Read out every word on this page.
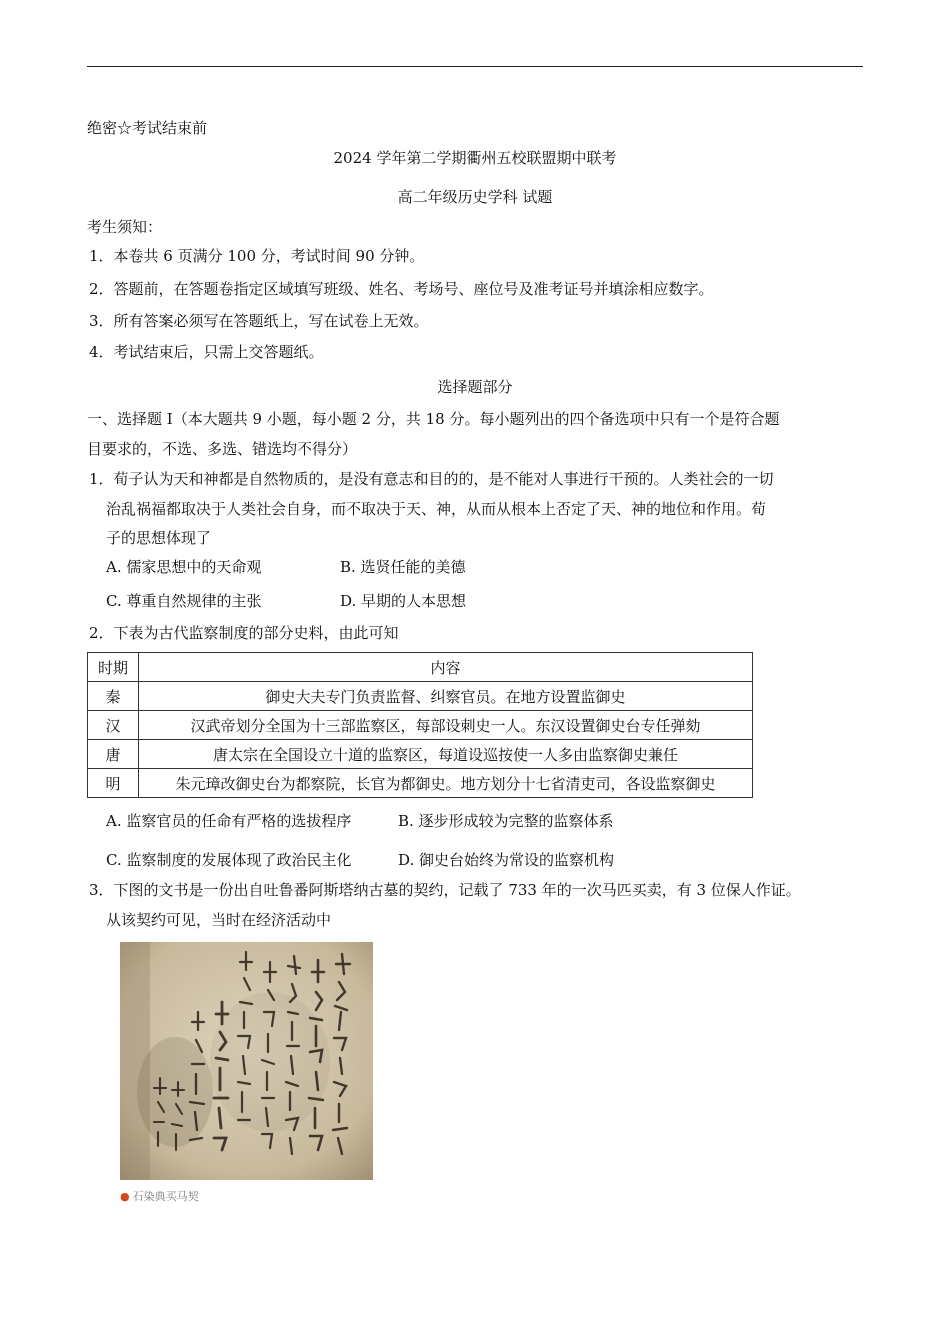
绝密☆考试结束前
2024 学年第二学期衢州五校联盟期中联考
高二年级历史学科 试题
考生须知：
1．本卷共 6 页满分 100 分，考试时间 90 分钟。
2．答题前，在答题卷指定区域填写班级、姓名、考场号、座位号及准考证号并填涂相应数字。
3．所有答案必须写在答题纸上，写在试卷上无效。
4．考试结束后，只需上交答题纸。
选择题部分
一、选择题 I（本大题共 9 小题，每小题 2 分，共 18 分。每小题列出的四个备选项中只有一个是符合题
目要求的，不选、多选、错选均不得分）
1．荀子认为天和神都是自然物质的，是没有意志和目的的，是不能对人事进行干预的。人类社会的一切
治乱祸福都取决于人类社会自身，而不取决于天、神，从而从根本上否定了天、神的地位和作用。荀
子的思想体现了
A. 儒家思想中的天命观	B. 选贤任能的美德
C. 尊重自然规律的主张	D. 早期的人本思想
2．下表为古代监察制度的部分史料，由此可知
时期	内容
秦	御史大夫专门负责监督、纠察官员。在地方设置监御史
汉	汉武帝划分全国为十三部监察区，每部设刺史一人。东汉设置御史台专任弹劾
唐	唐太宗在全国设立十道的监察区，每道设巡按使一人多由监察御史兼任
明	朱元璋改御史台为都察院，长官为都御史。地方划分十七省清吏司，各设监察御史
A. 监察官员的任命有严格的选拔程序	B. 逐步形成较为完整的监察体系
C. 监察制度的发展体现了政治民主化	D. 御史台始终为常设的监察机构
3．下图的文书是一份出自吐鲁番阿斯塔纳古墓的契约，记载了 733 年的一次马匹买卖，有 3 位保人作证。
从该契约可见，当时在经济活动中
● 石染典买马契
